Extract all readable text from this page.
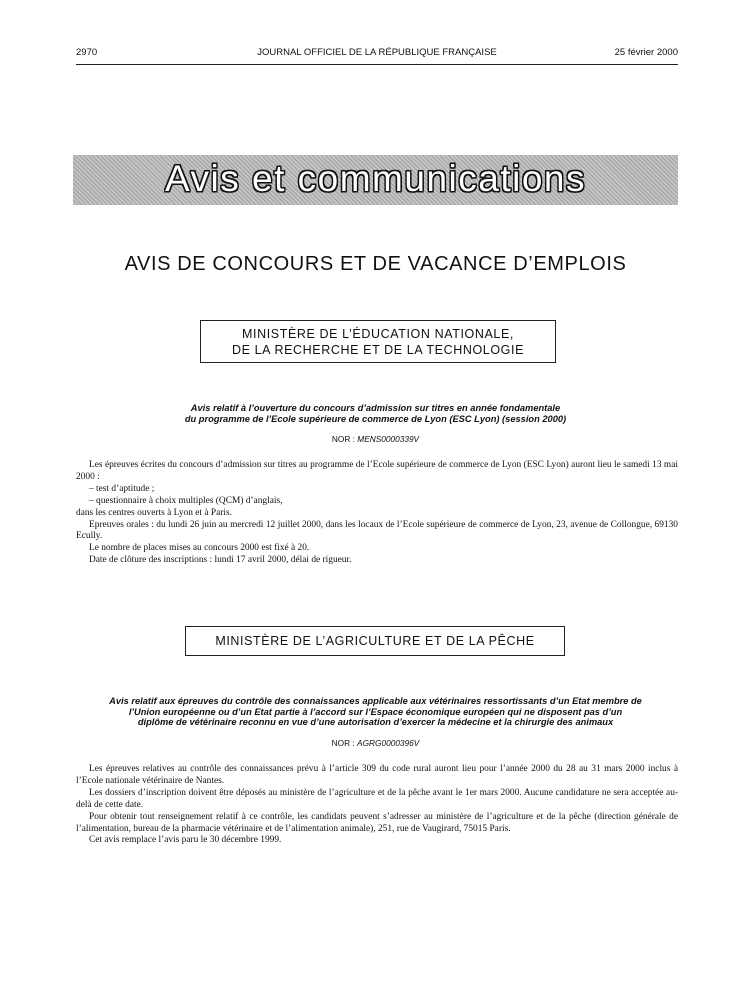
2970	JOURNAL OFFICIEL DE LA RÉPUBLIQUE FRANÇAISE	25 février 2000
Avis et communications
AVIS DE CONCOURS ET DE VACANCE D’EMPLOIS
MINISTÈRE DE L’ÉDUCATION NATIONALE,
DE LA RECHERCHE ET DE LA TECHNOLOGIE
Avis relatif à l’ouverture du concours d’admission sur titres en année fondamentale
du programme de l’Ecole supérieure de commerce de Lyon (ESC Lyon) (session 2000)
NOR : MENS0000339V
Les épreuves écrites du concours d’admission sur titres au programme de l’Ecole supérieure de commerce de Lyon (ESC Lyon) auront lieu le samedi 13 mai 2000 :
– test d’aptitude ;
– questionnaire à choix multiples (QCM) d’anglais,
dans les centres ouverts à Lyon et à Paris.
Epreuves orales : du lundi 26 juin au mercredi 12 juillet 2000, dans les locaux de l’Ecole supérieure de commerce de Lyon, 23, avenue de Collongue, 69130 Ecully.
Le nombre de places mises au concours 2000 est fixé à 20.
Date de clôture des inscriptions : lundi 17 avril 2000, délai de rigueur.
MINISTÈRE DE L’AGRICULTURE ET DE LA PÊCHE
Avis relatif aux épreuves du contrôle des connaissances applicable aux vétérinaires ressortissants d’un Etat membre de
l’Union européenne ou d’un Etat partie à l’accord sur l’Espace économique européen qui ne disposent pas d’un
diplôme de vétérinaire reconnu en vue d’une autorisation d’exercer la médecine et la chirurgie des animaux
NOR : AGRG0000396V
Les épreuves relatives au contrôle des connaissances prévu à l’article 309 du code rural auront lieu pour l’année 2000 du 28 au 31 mars 2000 inclus à l’Ecole nationale vétérinaire de Nantes.
Les dossiers d’inscription doivent être déposés au ministère de l’agriculture et de la pêche avant le 1er mars 2000. Aucune candidature ne sera acceptée au-delà de cette date.
Pour obtenir tout renseignement relatif à ce contrôle, les candidats peuvent s’adresser au ministère de l’agriculture et de la pêche (direction générale de l’alimentation, bureau de la pharmacie vétérinaire et de l’alimentation animale), 251, rue de Vaugirard, 75015 Paris.
Cet avis remplace l’avis paru le 30 décembre 1999.
